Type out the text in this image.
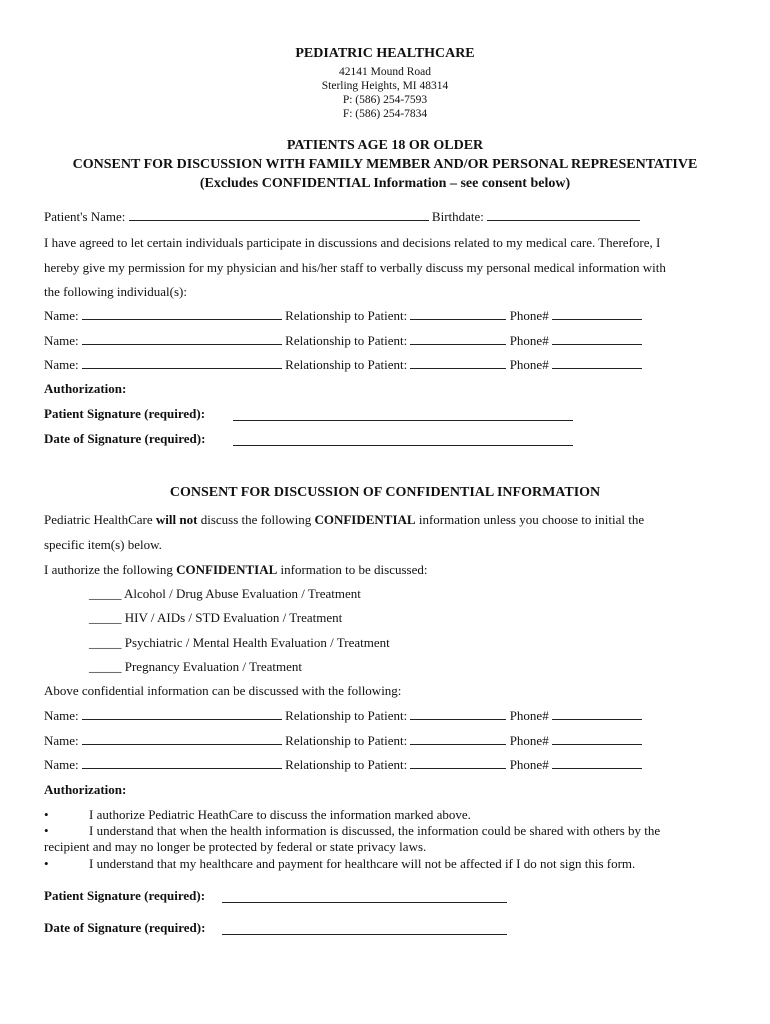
PEDIATRIC HEALTHCARE
42141 Mound Road
Sterling Heights, MI 48314
P: (586) 254-7593
F: (586) 254-7834
PATIENTS AGE 18 OR OLDER
CONSENT FOR DISCUSSION WITH FAMILY MEMBER AND/OR PERSONAL REPRESENTATIVE
(Excludes CONFIDENTIAL Information – see consent below)
Patient's Name:	Birthdate:
I have agreed to let certain individuals participate in discussions and decisions related to my medical care. Therefore, I
hereby give my permission for my physician and his/her staff to verbally discuss my personal medical information with
the following individual(s):
Name:	Relationship to Patient:	Phone#
Name:	Relationship to Patient:	Phone#
Name:	Relationship to Patient:	Phone#
Authorization:
Patient Signature (required):
Date of Signature (required):
CONSENT FOR DISCUSSION OF CONFIDENTIAL INFORMATION
Pediatric HealthCare will not discuss the following CONFIDENTIAL information unless you choose to initial the
specific item(s) below.
I authorize the following CONFIDENTIAL information to be discussed:
_____ Alcohol / Drug Abuse Evaluation / Treatment
_____ HIV / AIDs / STD Evaluation / Treatment
_____ Psychiatric / Mental Health Evaluation / Treatment
_____ Pregnancy Evaluation / Treatment
Above confidential information can be discussed with the following:
Name:	Relationship to Patient:	Phone#
Name:	Relationship to Patient:	Phone#
Name:	Relationship to Patient:	Phone#
Authorization:
•	I authorize Pediatric HeathCare to discuss the information marked above.
•	I understand that when the health information is discussed, the information could be shared with others by the
recipient and may no longer be protected by federal or state privacy laws.
•	I understand that my healthcare and payment for healthcare will not be affected if I do not sign this form.
Patient Signature (required):
Date of Signature (required):
